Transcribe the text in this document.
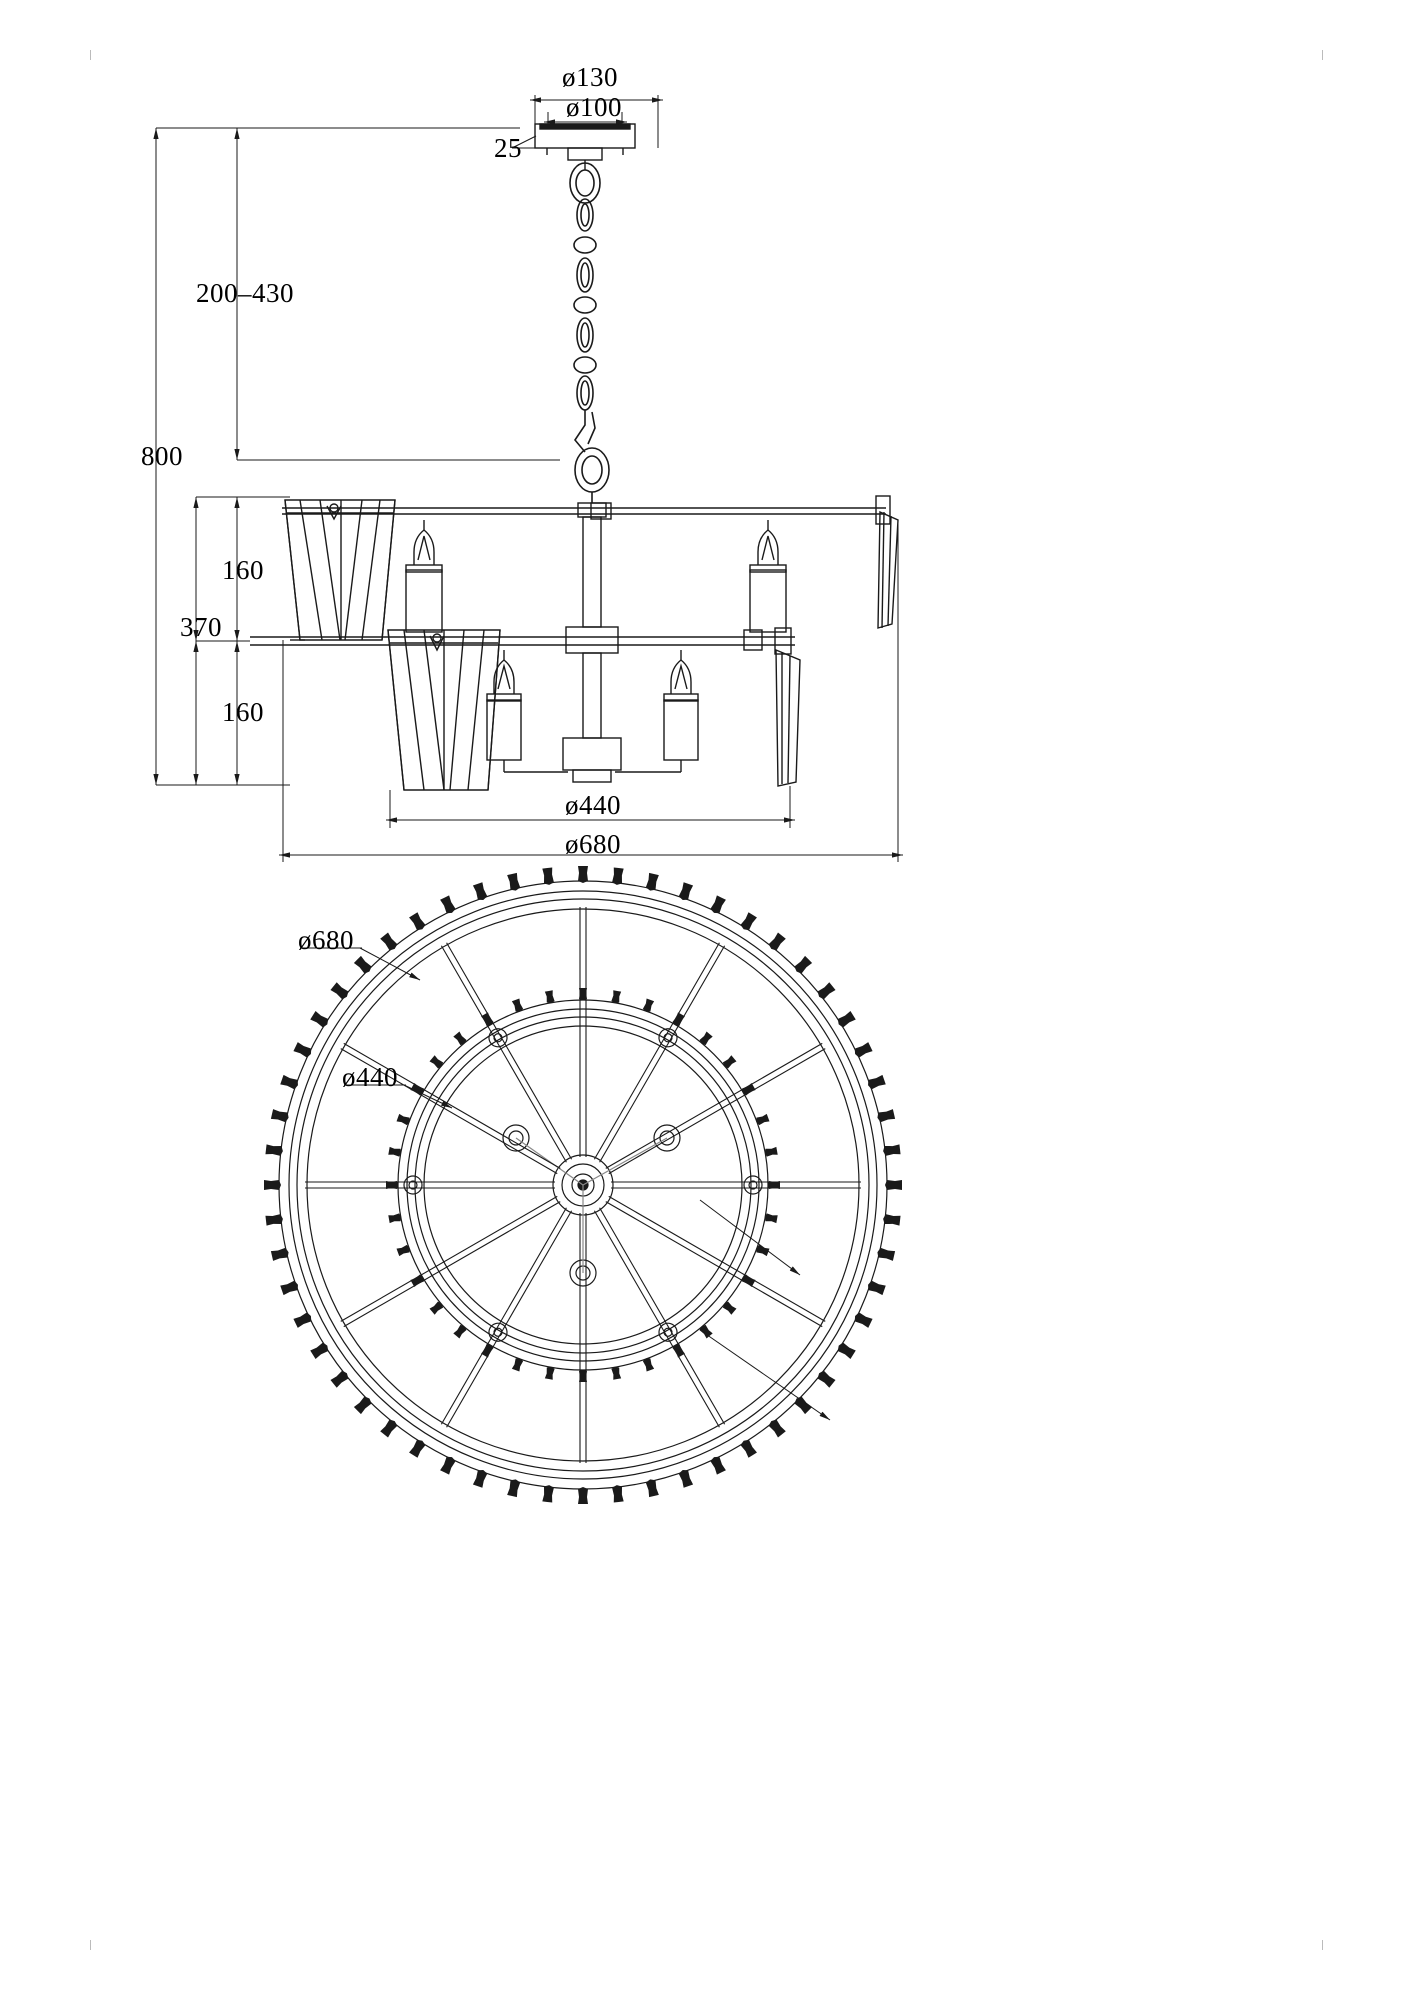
ø130
ø100
25
200–430
800
160
370
160
ø440
ø680
ø680
ø440
